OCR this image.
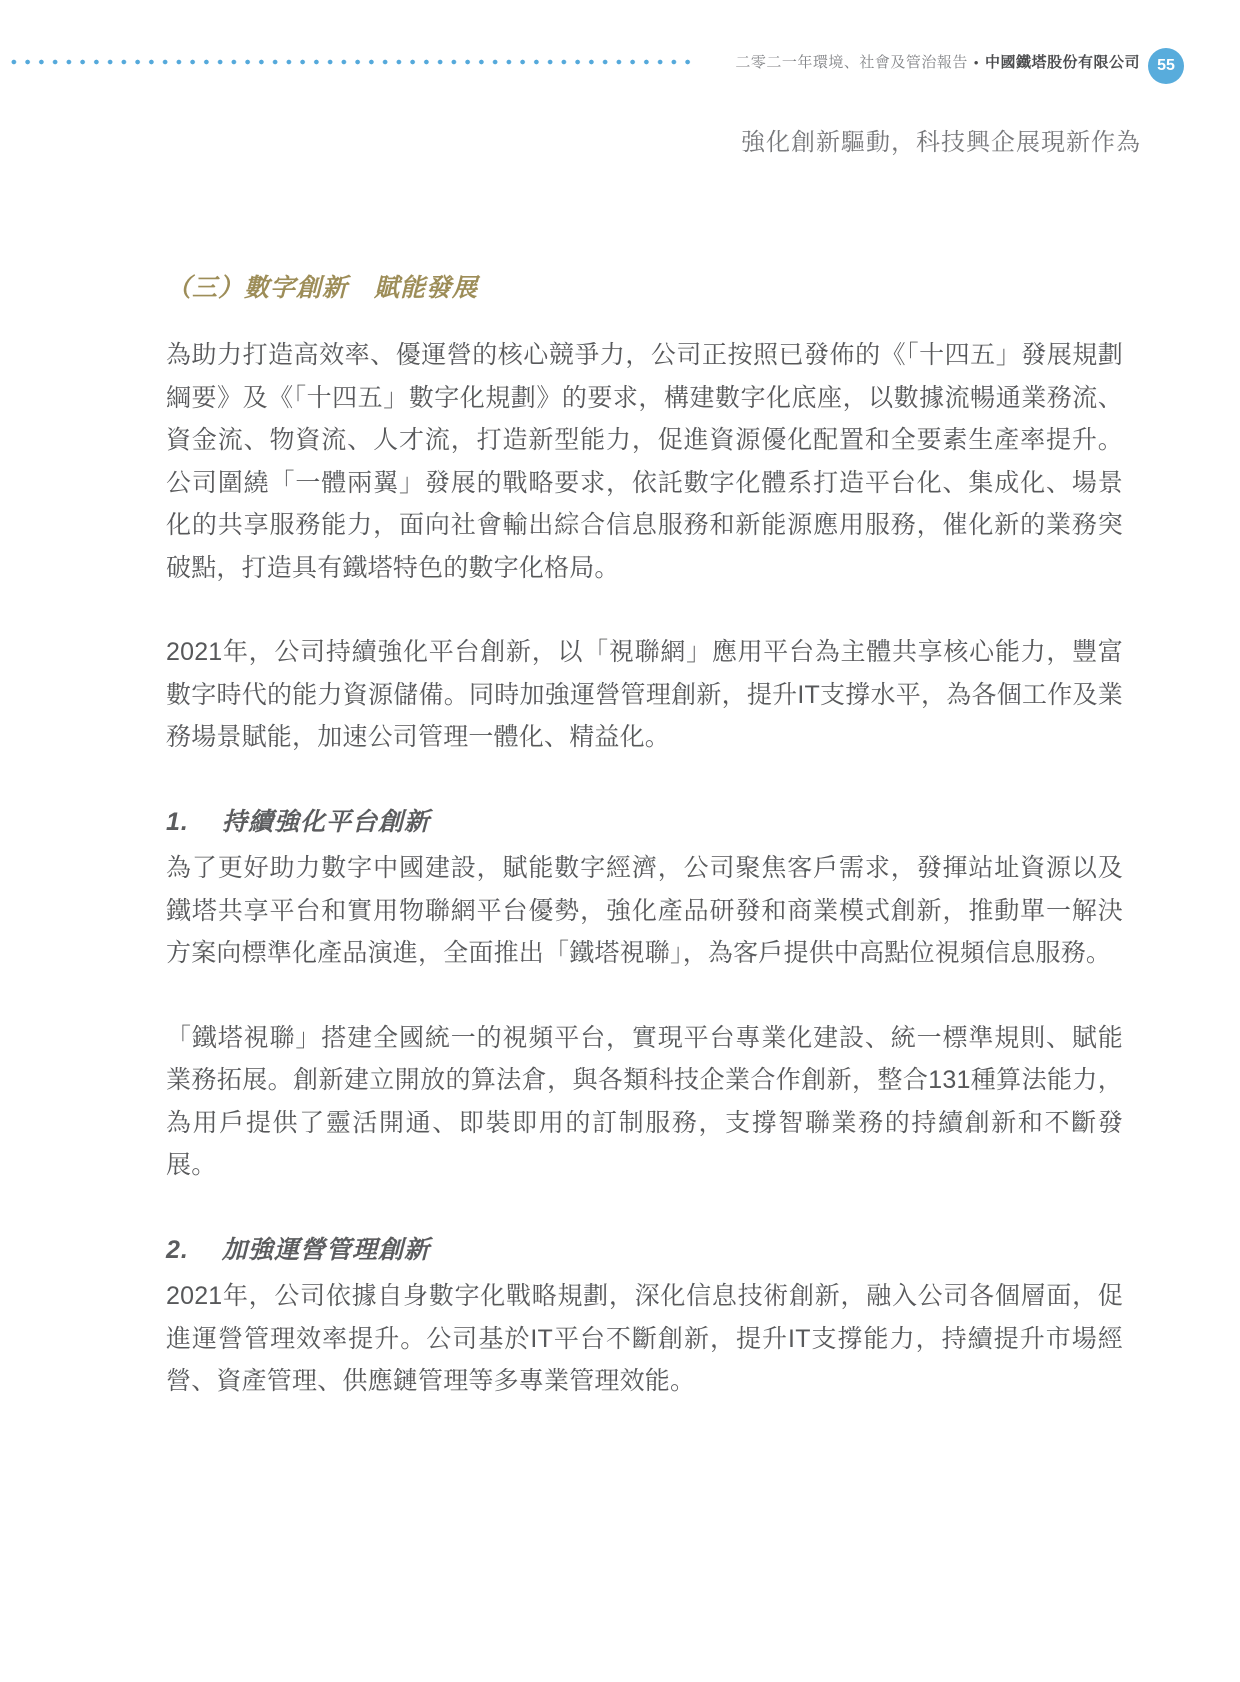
二零二一年環境、社會及管治報告 • 中國鐵塔股份有限公司 55
強化創新驅動，科技興企展現新作為
（三）數字創新　賦能發展

為助力打造高效率、優運營的核心競爭力，公司正按照已發佈的《「十四五」發展規劃綱要》及《「十四五」數字化規劃》的要求，構建數字化底座，以數據流暢通業務流、資金流、物資流、人才流，打造新型能力，促進資源優化配置和全要素生產率提升。公司圍繞「一體兩翼」發展的戰略要求，依託數字化體系打造平台化、集成化、場景化的共享服務能力，面向社會輸出綜合信息服務和新能源應用服務，催化新的業務突破點，打造具有鐵塔特色的數字化格局。

2021年，公司持續強化平台創新，以「視聯網」應用平台為主體共享核心能力，豐富數字時代的能力資源儲備。同時加強運營管理創新，提升IT支撐水平，為各個工作及業務場景賦能，加速公司管理一體化、精益化。

1.	持續強化平台創新

為了更好助力數字中國建設，賦能數字經濟，公司聚焦客戶需求，發揮站址資源以及鐵塔共享平台和實用物聯網平台優勢，強化產品研發和商業模式創新，推動單一解決方案向標準化產品演進，全面推出「鐵塔視聯」，為客戶提供中高點位視頻信息服務。

「鐵塔視聯」搭建全國統一的視頻平台，實現平台專業化建設、統一標準規則、賦能業務拓展。創新建立開放的算法倉，與各類科技企業合作創新，整合131種算法能力，為用戶提供了靈活開通、即裝即用的訂制服務，支撐智聯業務的持續創新和不斷發展。

2.	加強運營管理創新

2021年，公司依據自身數字化戰略規劃，深化信息技術創新，融入公司各個層面，促進運營管理效率提升。公司基於IT平台不斷創新，提升IT支撐能力，持續提升市場經營、資產管理、供應鏈管理等多專業管理效能。
